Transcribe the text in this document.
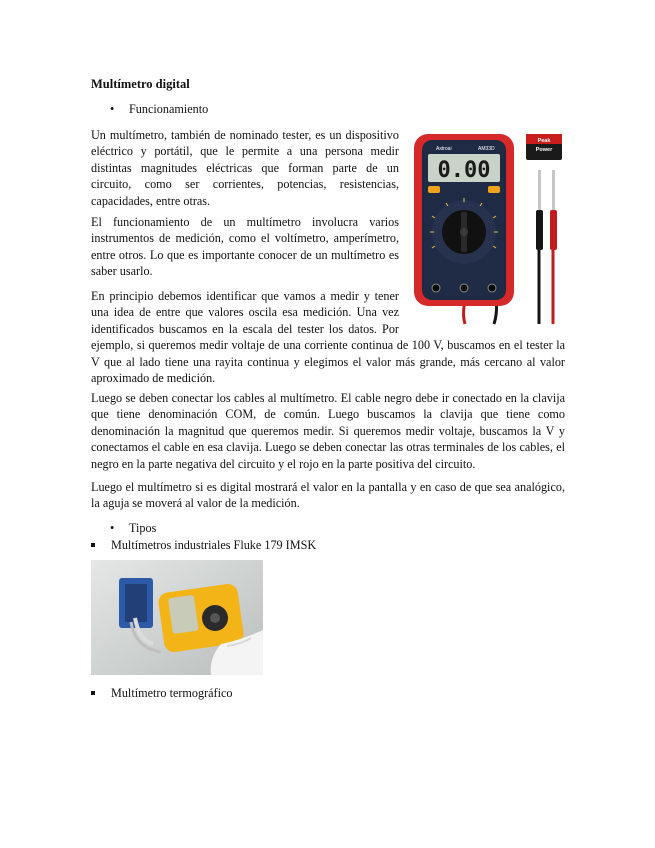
Multímetro digital
• Funcionamiento
Un multímetro, también de nominado tester, es un dispositivo eléctrico y portátil, que le permite a una persona medir distintas magnitudes eléctricas que forman parte de un circuito, como ser corrientes, potencias, resistencias, capacidades, entre otras.
El funcionamiento de un multímetro involucra varios instrumentos de medición, como el voltímetro, amperímetro, entre otros. Lo que es importante conocer de un multímetro es saber usarlo.
En principio debemos identificar que vamos a medir y tener una idea de entre que valores oscila esa medición. Una vez identificados buscamos en la escala del tester los datos. Por ejemplo, si queremos medir voltaje de una corriente continua de 100 V, buscamos en el tester la V que al lado tiene una rayita continua y elegimos el valor más grande, más cercano al valor aproximado de medición.
Luego se deben conectar los cables al multímetro. El cable negro debe ir conectado en la clavija que tiene denominación COM, de común. Luego buscamos la clavija que tiene como denominación la magnitud que queremos medir. Si queremos medir voltaje, buscamos la V y conectamos el cable en esa clavija. Luego se deben conectar las otras terminales de los cables, el negro en la parte negativa del circuito y el rojo en la parte positiva del circuito.
Luego el multímetro si es digital mostrará el valor en la pantalla y en caso de que sea analógico, la aguja se moverá al valor de la medición.
• Tipos
Multímetros industriales Fluke 179 IMSK
Multímetro termográfico
Astroai	AM33D
0.00
Peak
Power
